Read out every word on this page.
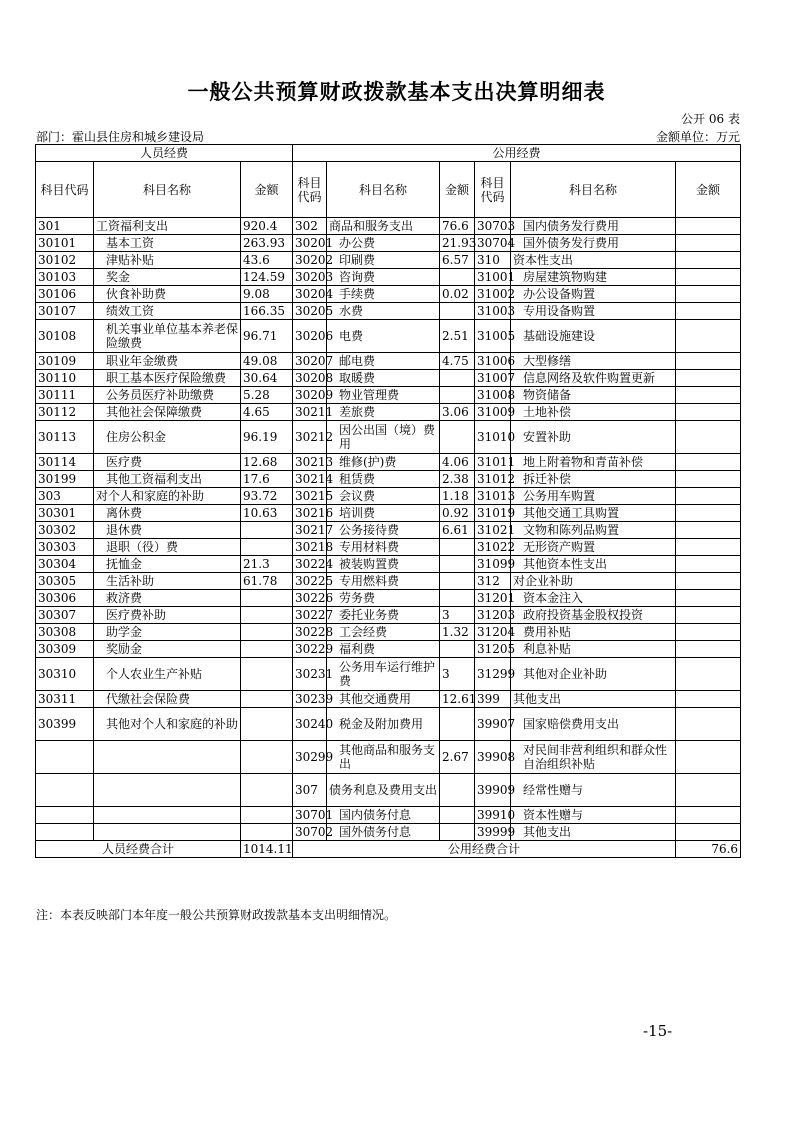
一般公共预算财政拨款基本支出决算明细表
公开 06 表
部门：霍山县住房和城乡建设局	金额单位：万元
人员经费			公用经费					
科目代码	科目名称	金额	科目代码	科目名称	金额	科目代码	科目名称	金额
301	工资福利支出	920.4	302	商品和服务支出	76.6	30703	国内债务发行费用	
30101	基本工资	263.93	30201	办公费	21.93	30704	国外债务发行费用	
30102	津贴补贴	43.6	30202	印刷费	6.57	310	资本性支出	
30103	奖金	124.59	30203	咨询费		31001	房屋建筑物购建	
30106	伙食补助费	9.08	30204	手续费	0.02	31002	办公设备购置	
30107	绩效工资	166.35	30205	水费		31003	专用设备购置	
30108	机关事业单位基本养老保险缴费	96.71	30206	电费	2.51	31005	基础设施建设	
30109	职业年金缴费	49.08	30207	邮电费	4.75	31006	大型修缮	
30110	职工基本医疗保险缴费	30.64	30208	取暖费		31007	信息网络及软件购置更新	
30111	公务员医疗补助缴费	5.28	30209	物业管理费		31008	物资储备	
30112	其他社会保障缴费	4.65	30211	差旅费	3.06	31009	土地补偿	
30113	住房公积金	96.19	30212	因公出国（境）费用		31010	安置补助	
30114	医疗费	12.68	30213	维修(护)费	4.06	31011	地上附着物和青苗补偿	
30199	其他工资福利支出	17.6	30214	租赁费	2.38	31012	拆迁补偿	
303	对个人和家庭的补助	93.72	30215	会议费	1.18	31013	公务用车购置	
30301	离休费	10.63	30216	培训费	0.92	31019	其他交通工具购置	
30302	退休费		30217	公务接待费	6.61	31021	文物和陈列品购置	
30303	退职（役）费		30218	专用材料费		31022	无形资产购置	
30304	抚恤金	21.3	30224	被装购置费		31099	其他资本性支出	
30305	生活补助	61.78	30225	专用燃料费		312	对企业补助	
30306	救济费		30226	劳务费		31201	资本金注入	
30307	医疗费补助		30227	委托业务费	3	31203	政府投资基金股权投资	
30308	助学金		30228	工会经费	1.32	31204	费用补贴	
30309	奖励金		30229	福利费		31205	利息补贴	
30310	个人农业生产补贴		30231	公务用车运行维护费	3	31299	其他对企业补助	
30311	代缴社会保险费		30239	其他交通费用	12.61	399	其他支出	
30399	其他对个人和家庭的补助		30240	税金及附加费用		39907	国家赔偿费用支出	
			30299	其他商品和服务支出	2.67	39908	对民间非营利组织和群众性自治组织补贴	
			307	债务利息及费用支出		39909	经常性赠与	
			30701	国内债务付息		39910	资本性赠与	
			30702	国外债务付息		39999	其他支出	
人员经费合计		1014.11	公用经费合计					76.6
注：本表反映部门本年度一般公共预算财政拨款基本支出明细情况。
-15-
